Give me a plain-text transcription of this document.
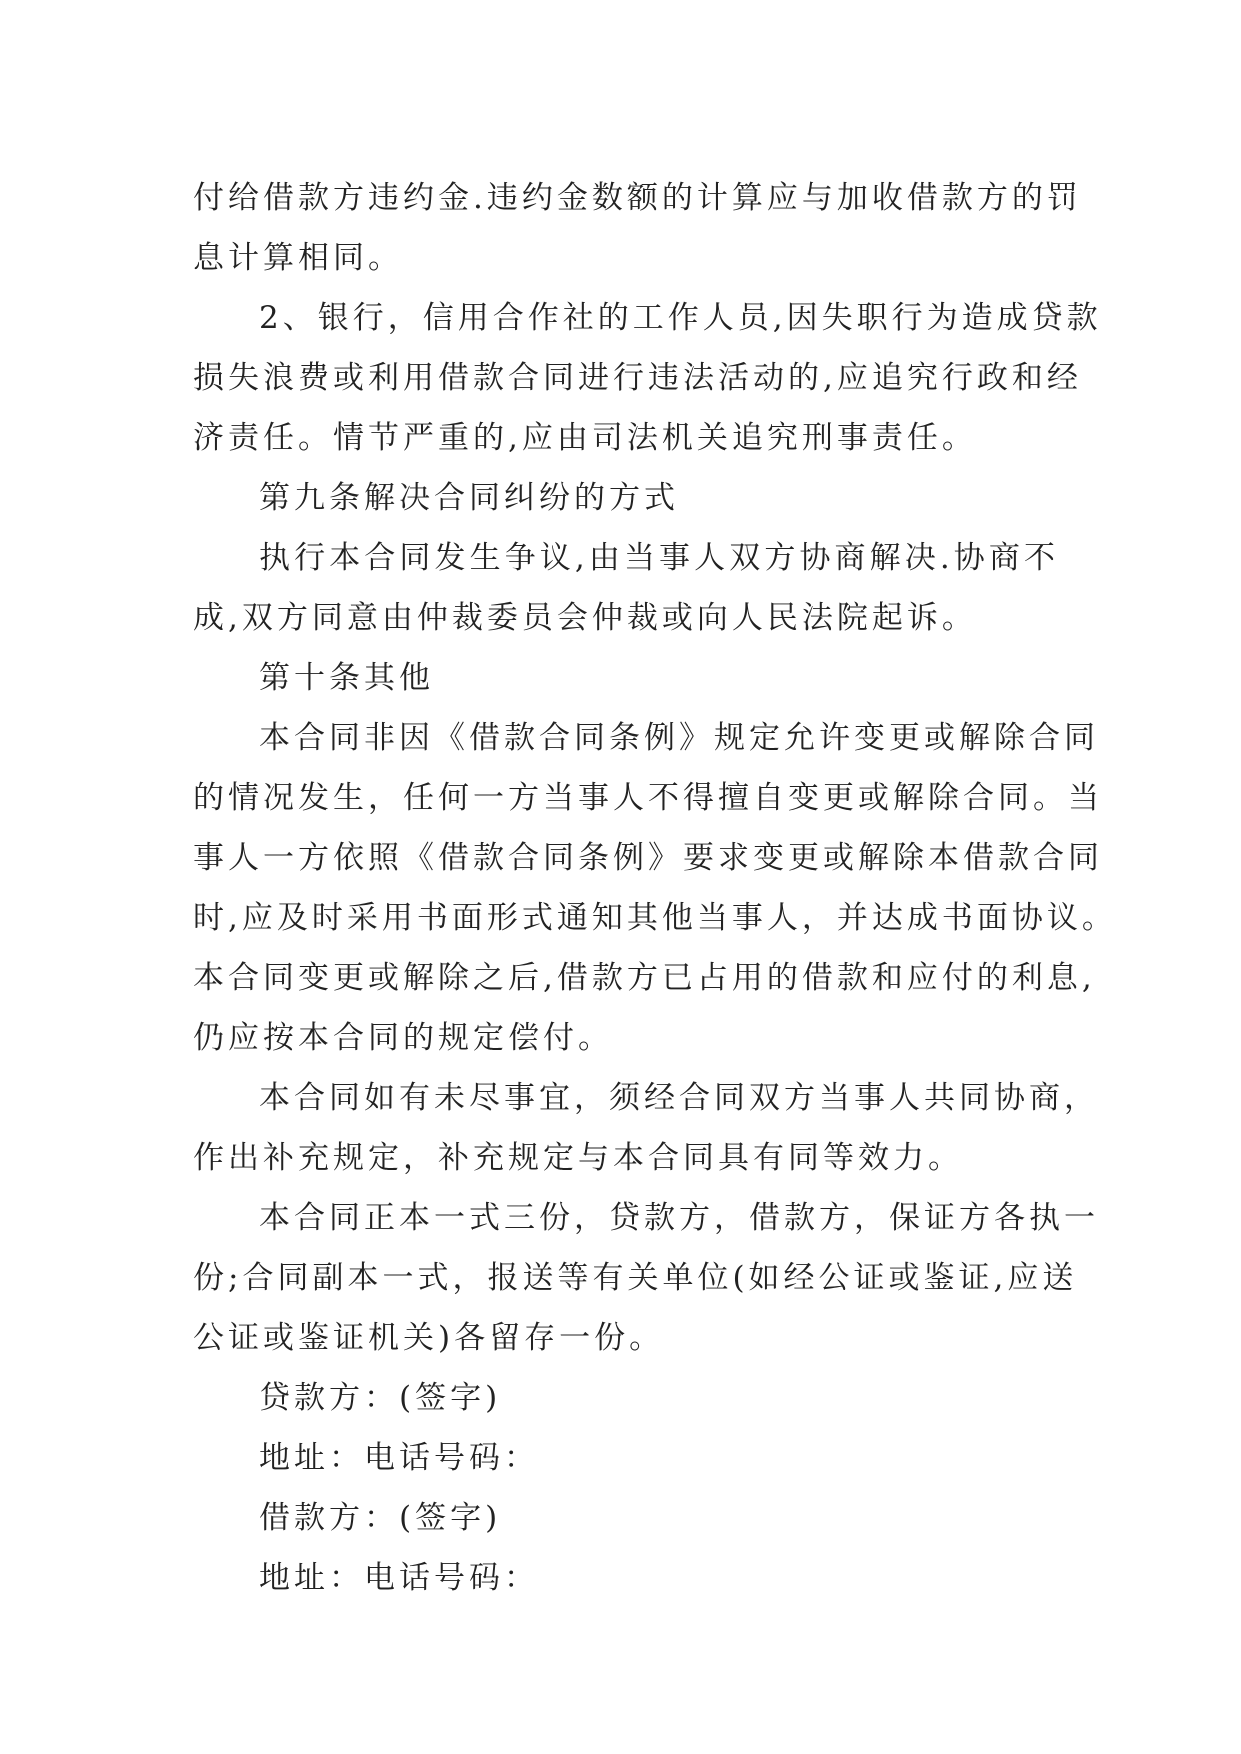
付给借款方违约金.违约金数额的计算应与加收借款方的罚
息计算相同。
2、银行，信用合作社的工作人员,因失职行为造成贷款
损失浪费或利用借款合同进行违法活动的,应追究行政和经
济责任。情节严重的,应由司法机关追究刑事责任。
第九条解决合同纠纷的方式
执行本合同发生争议,由当事人双方协商解决.协商不
成,双方同意由仲裁委员会仲裁或向人民法院起诉。
第十条其他
本合同非因《借款合同条例》规定允许变更或解除合同
的情况发生，任何一方当事人不得擅自变更或解除合同。当
事人一方依照《借款合同条例》要求变更或解除本借款合同
时,应及时采用书面形式通知其他当事人，并达成书面协议。
本合同变更或解除之后,借款方已占用的借款和应付的利息,
仍应按本合同的规定偿付。
本合同如有未尽事宜，须经合同双方当事人共同协商，
作出补充规定，补充规定与本合同具有同等效力。
本合同正本一式三份，贷款方，借款方，保证方各执一
份;合同副本一式，报送等有关单位(如经公证或鉴证,应送
公证或鉴证机关)各留存一份。
贷款方：(签字)
地址：电话号码：
借款方：(签字)
地址：电话号码：
